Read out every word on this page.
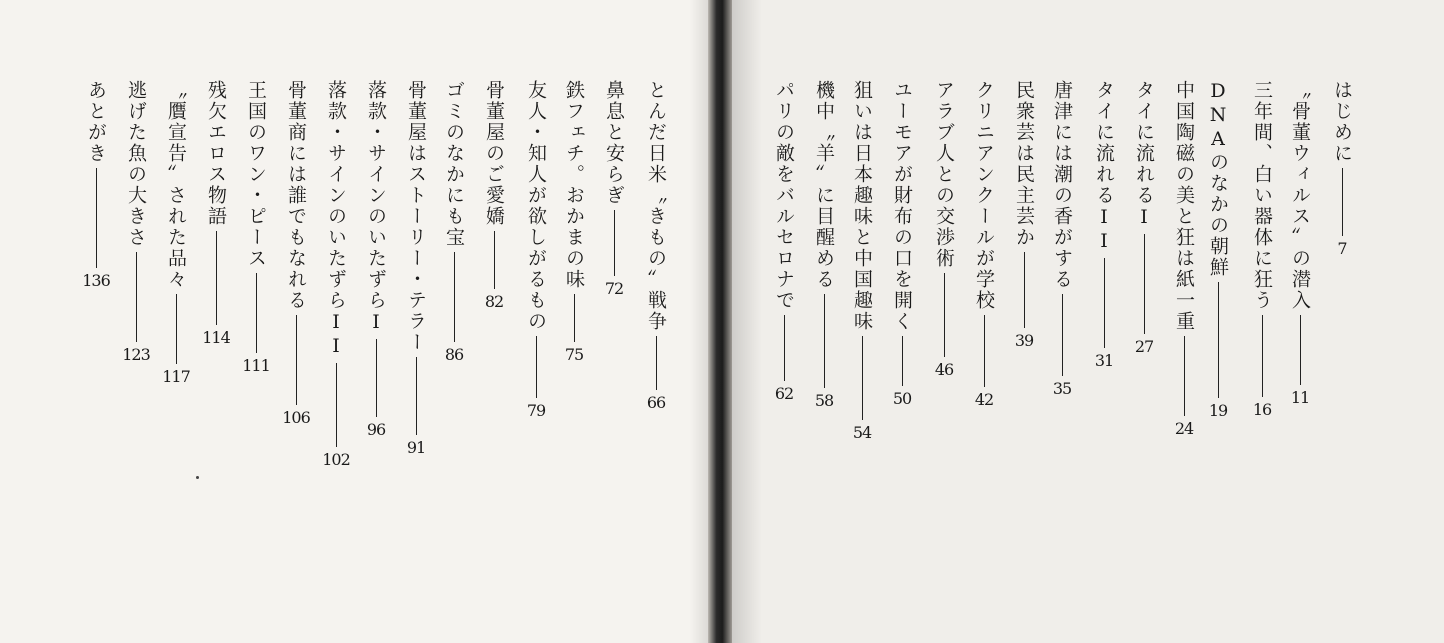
とんだ日米〝きもの〟戦争
66
鼻息と安らぎ
72
鉄フェチ。おかまの味
75
友人・知人が欲しがるもの
79
骨董屋のご愛嬌
82
ゴミのなかにも宝
86
骨董屋はストーリー・テラー
91
落款・サインのいたずらI
96
落款・サインのいたずらII
102
骨董商には誰でもなれる
106
王国のワン・ピース
111
残欠エロス物語
114
〝贋宣告〟された品々
117
逃げた魚の大きさ
123
あとがき
136
はじめに
7
〝骨董ウィルス〟の潜入
11
三年間、白い器体に狂う
16
DNAのなかの朝鮮
19
中国陶磁の美と狂は紙一重
24
タイに流れるI
27
タイに流れるII
31
唐津には潮の香がする
35
民衆芸は民主芸か
39
クリニアンクールが学校
42
アラブ人との交渉術
46
ユーモアが財布の口を開く
50
狙いは日本趣味と中国趣味
54
機中〝羊〟に目醒める
58
パリの敵をバルセロナで
62
